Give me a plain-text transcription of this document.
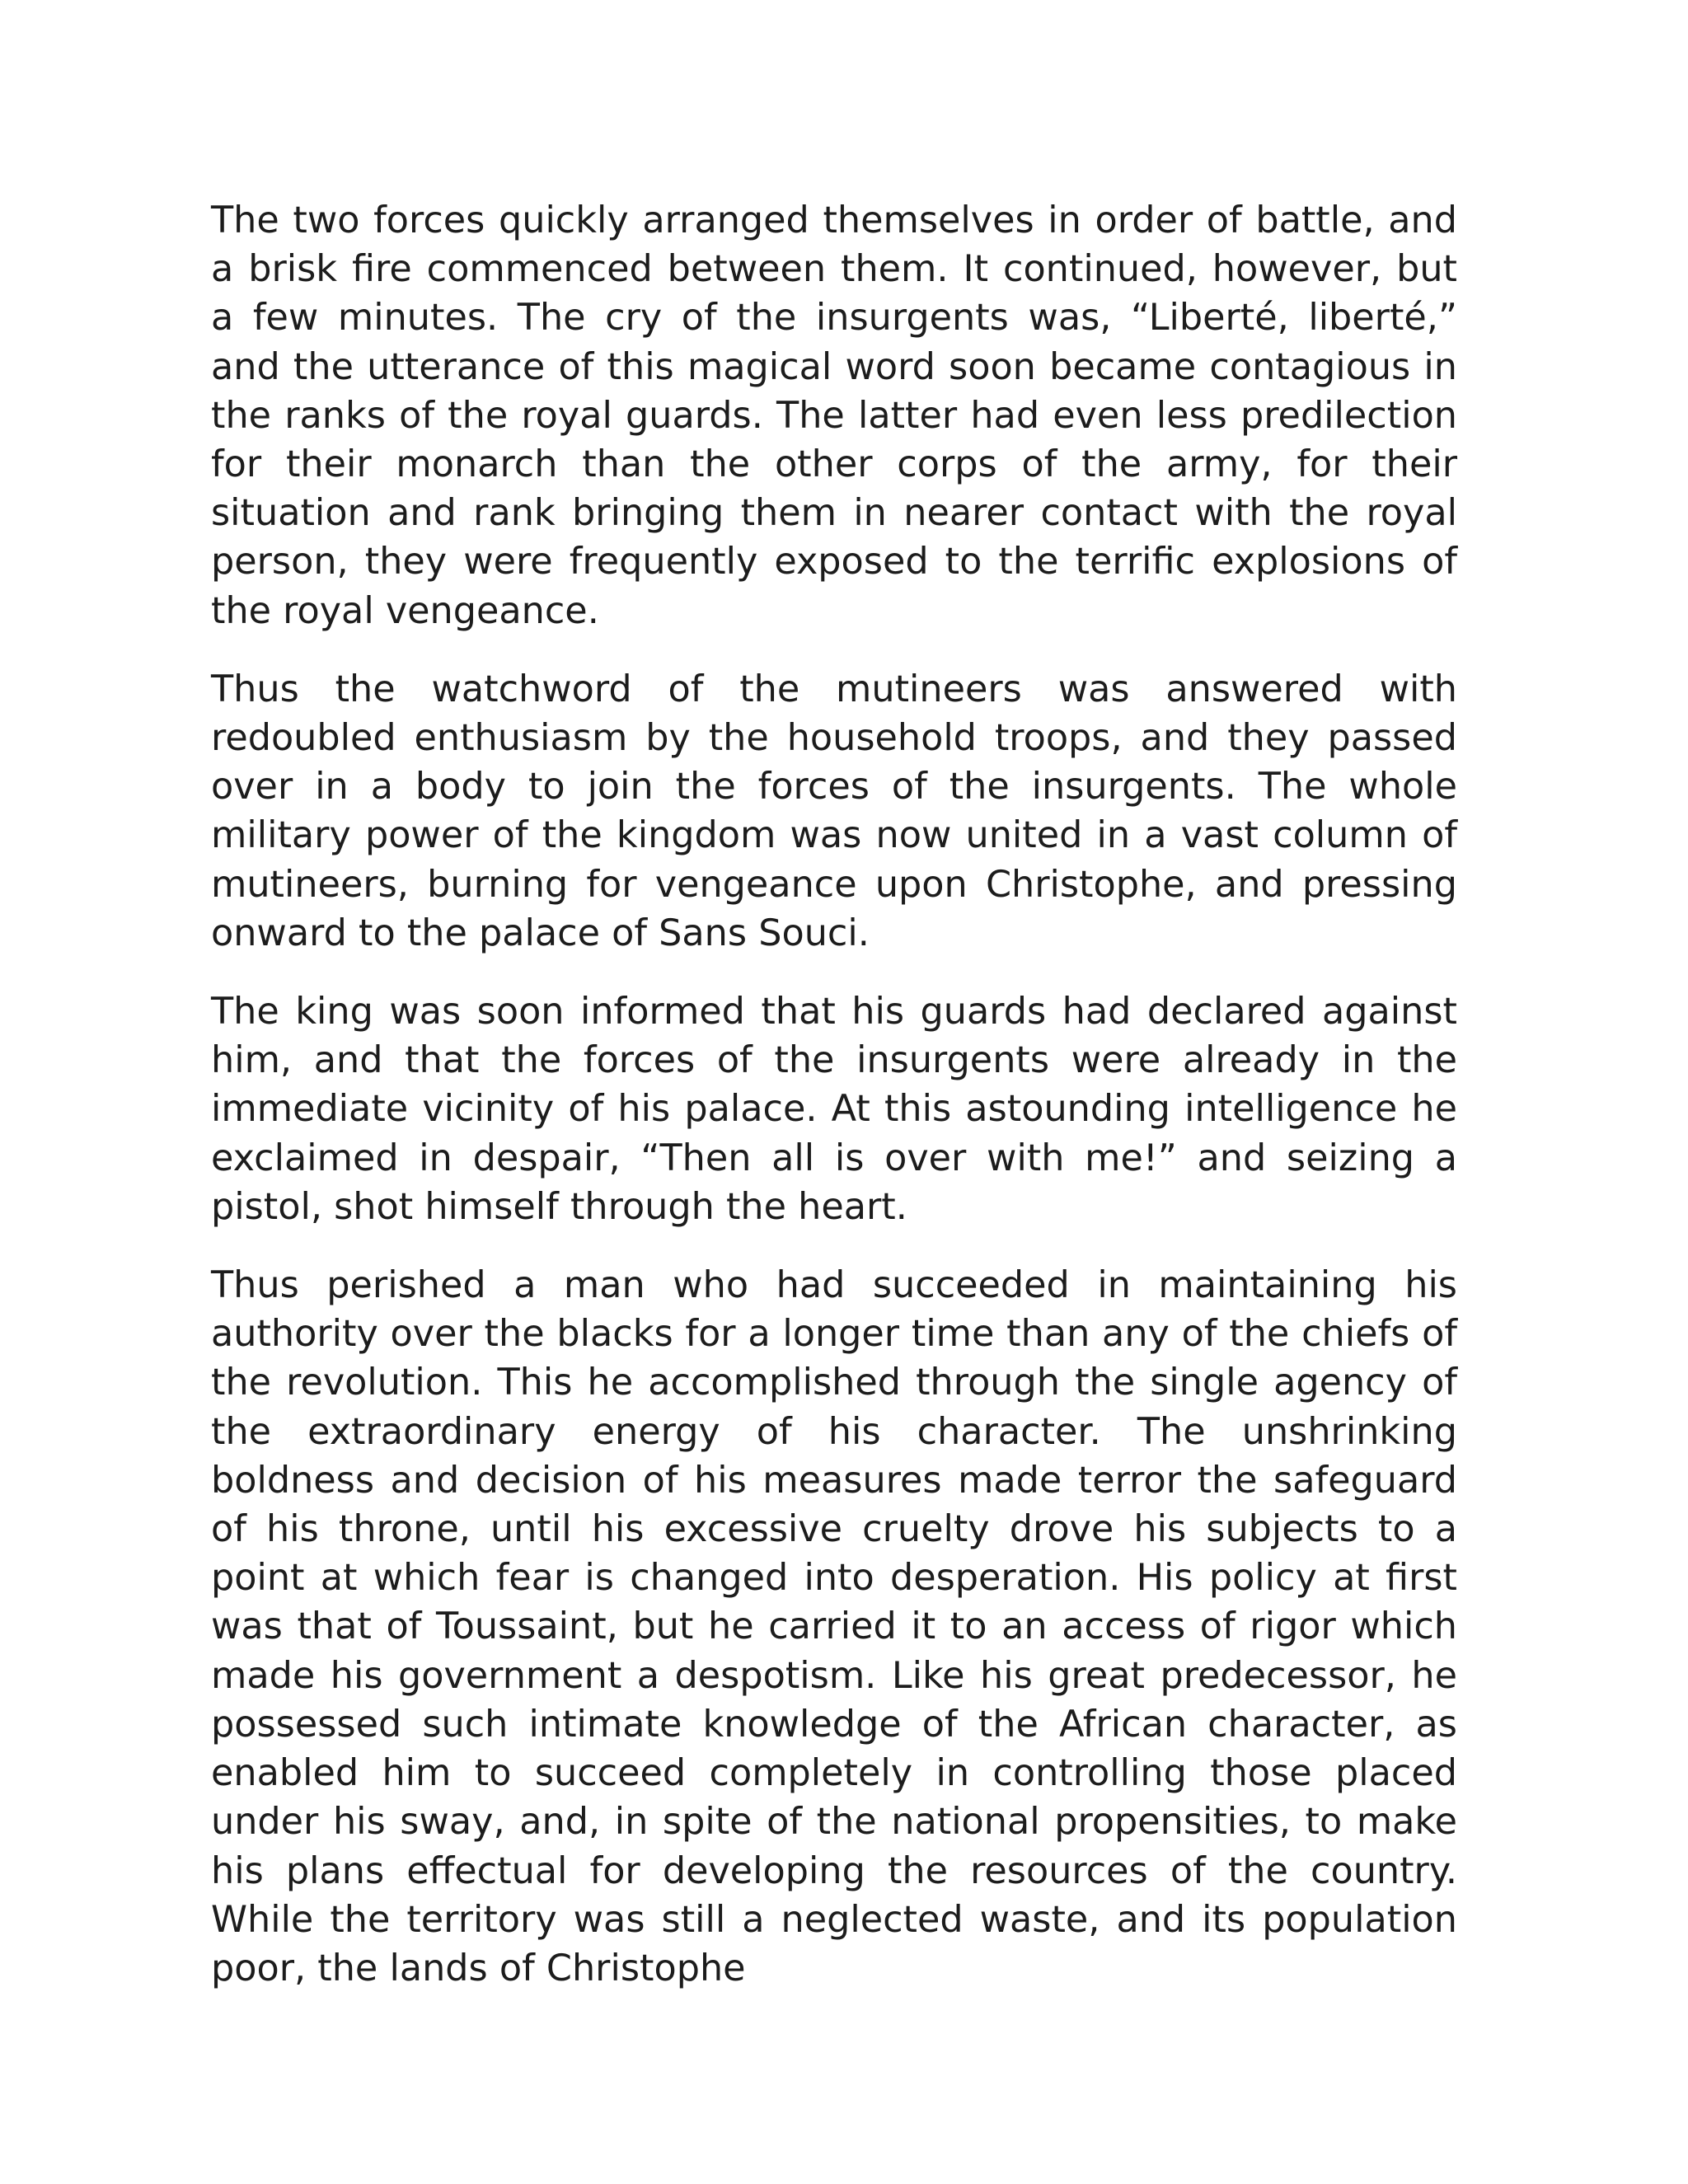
The two forces quickly arranged themselves in order of battle, and a brisk fire commenced between them. It continued, however, but a few minutes. The cry of the insurgents was, “Liberté, liberté,” and the utterance of this magical word soon became contagious in the ranks of the royal guards. The latter had even less predilection for their monarch than the other corps of the army, for their situation and rank bringing them in nearer contact with the royal person, they were frequently exposed to the terrific explosions of the royal vengeance.

Thus the watchword of the mutineers was answered with redoubled enthusiasm by the household troops, and they passed over in a body to join the forces of the insurgents. The whole military power of the kingdom was now united in a vast column of mutineers, burning for vengeance upon Christophe, and pressing onward to the palace of Sans Souci.

The king was soon informed that his guards had declared against him, and that the forces of the insurgents were already in the immediate vicinity of his palace. At this astounding intelligence he exclaimed in despair, “Then all is over with me!” and seizing a pistol, shot himself through the heart.

Thus perished a man who had succeeded in maintaining his authority over the blacks for a longer time than any of the chiefs of the revolution. This he accomplished through the single agency of the extraordinary energy of his character. The unshrinking boldness and decision of his measures made terror the safeguard of his throne, until his excessive cruelty drove his subjects to a point at which fear is changed into desperation. His policy at first was that of Toussaint, but he carried it to an access of rigor which made his government a despotism. Like his great predecessor, he possessed such intimate knowledge of the African character, as enabled him to succeed completely in controlling those placed under his sway, and, in spite of the national propensities, to make his plans effectual for developing the resources of the country. While the territory was still a neglected waste, and its population poor, the lands of Christophe
